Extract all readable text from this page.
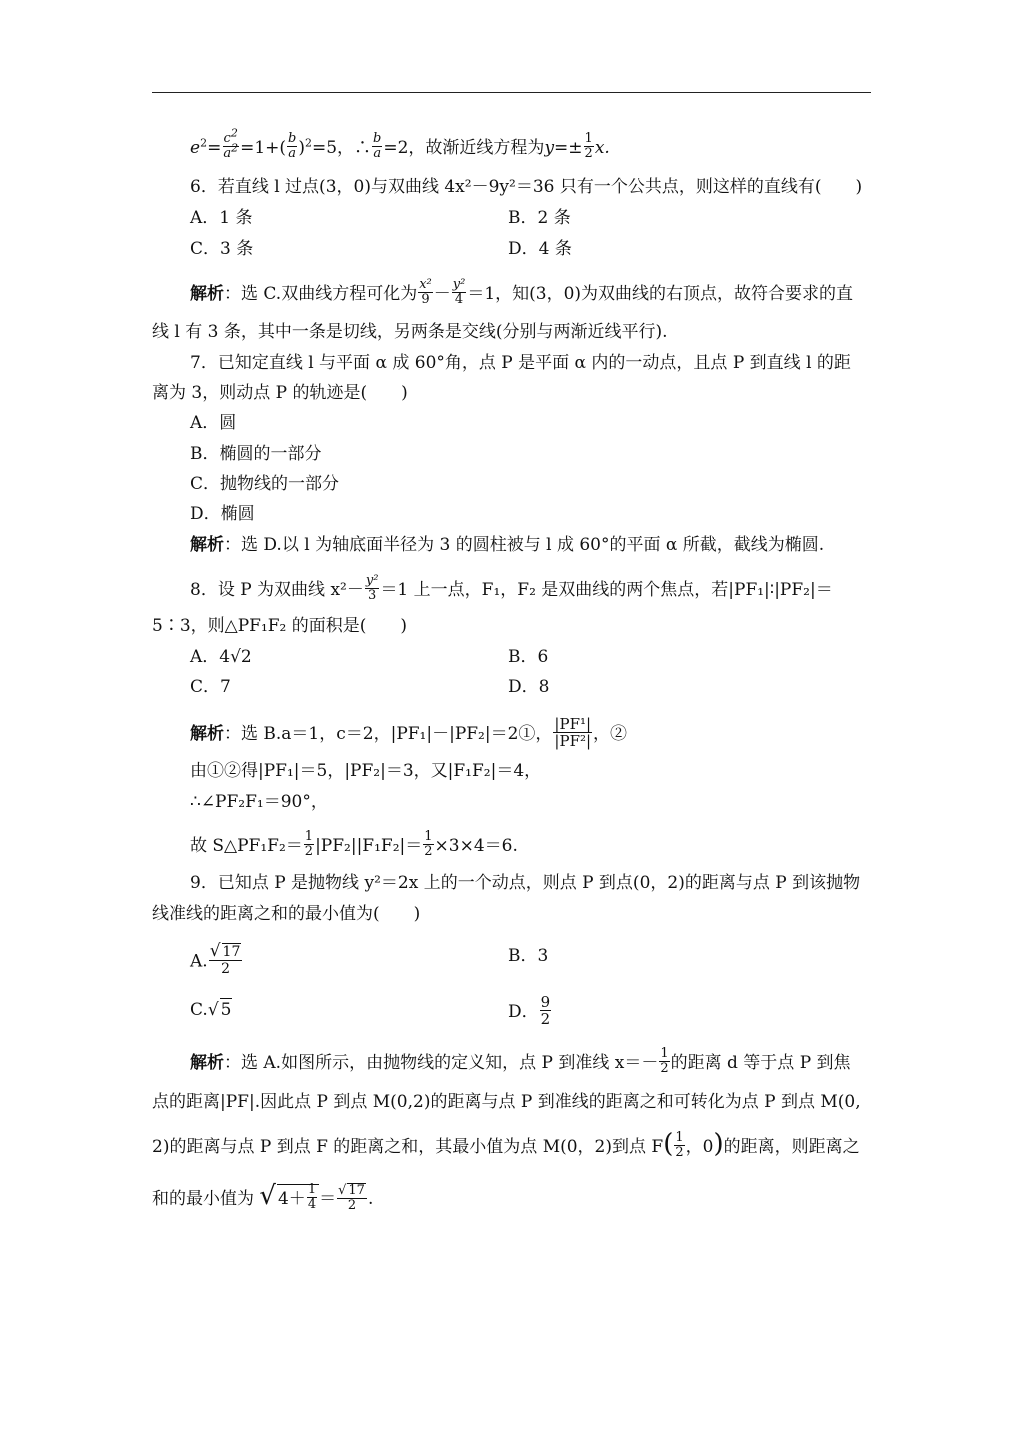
$e^2= \frac{c^2}{a^2} =1+( \frac{b}{a} )^2=5$，∴ $\frac{b}{a} =2$，故渐近线方程为$y=\pm \frac{1}{2} x$.
6．若直线 l 过点(3，0)与双曲线 4x²－9y²＝36 只有一个公共点，则这样的直线有(　　)
A．1 条	B．2 条
C．3 条	D．4 条
解析：选 C.双曲线方程可化为 $\frac{\text{x²}}{9} - \frac{\text{y²}}{4} =1$，知(3，0)为双曲线的右顶点，故符合要求的直
线 l 有 3 条，其中一条是切线，另两条是交线(分别与两渐近线平行).
7．已知定直线 l 与平面 α 成 60°角，点 P 是平面 α 内的一动点，且点 P 到直线 l 的距
离为 3，则动点 P 的轨迹是(　　)
A．圆
B．椭圆的一部分
C．抛物线的一部分
D．椭圆
解析：选 D.以 l 为轴底面半径为 3 的圆柱被与 l 成 60°的平面 α 所截，截线为椭圆.
8．设 P 为双曲线 $x^2- \frac{\text{y²}}{3} =1$ 上一点，F₁，F₂ 是双曲线的两个焦点，若|PF₁|∶|PF₂|＝
5∶3，则△PF₁F₂ 的面积是(　　)
A．4√2	B．6
C．7	D．8
解析：选 B.a＝1，c＝2，|PF₁|－|PF₂|＝2①， $\frac{\text{|PF¹|}}{\text{|PF²|}}$ ，②
由①②得|PF₁|＝5，|PF₂|＝3，又|F₁F₂|＝4，
∴∠PF₂F₁＝90°，
故 S△PF₁F₂＝ $\frac{1}{2} |PF_2||F_1F_2|= \frac{1}{2} \times 3\times 4=6$.
9．已知点 P 是抛物线 y²＝2x 上的一个动点，则点 P 到点(0，2)的距离与点 P 到该抛物
线准线的距离之和的最小值为(　　)
A. $\frac{√ 17}{2}$	B．3
C.√ 5	D． $\frac{9}{2}$
解析：选 A.如图所示，由抛物线的定义知，点 P 到准线 $x=- \frac{1}{2}$ 的距离 d 等于点 P 到焦
点的距离|PF|.因此点 P 到点 M(0,2)的距离与点 P 到准线的距离之和可转化为点 P 到点 M(0,
2)的距离与点 P 到点 F 的距离之和，其最小值为点 M(0，2)到点 $F( \frac{1}{2}$ ，0)的距离，则距离之
和的最小值为 √ $4+ \frac{1}{4} = \frac{√ 17}{2}$ .
